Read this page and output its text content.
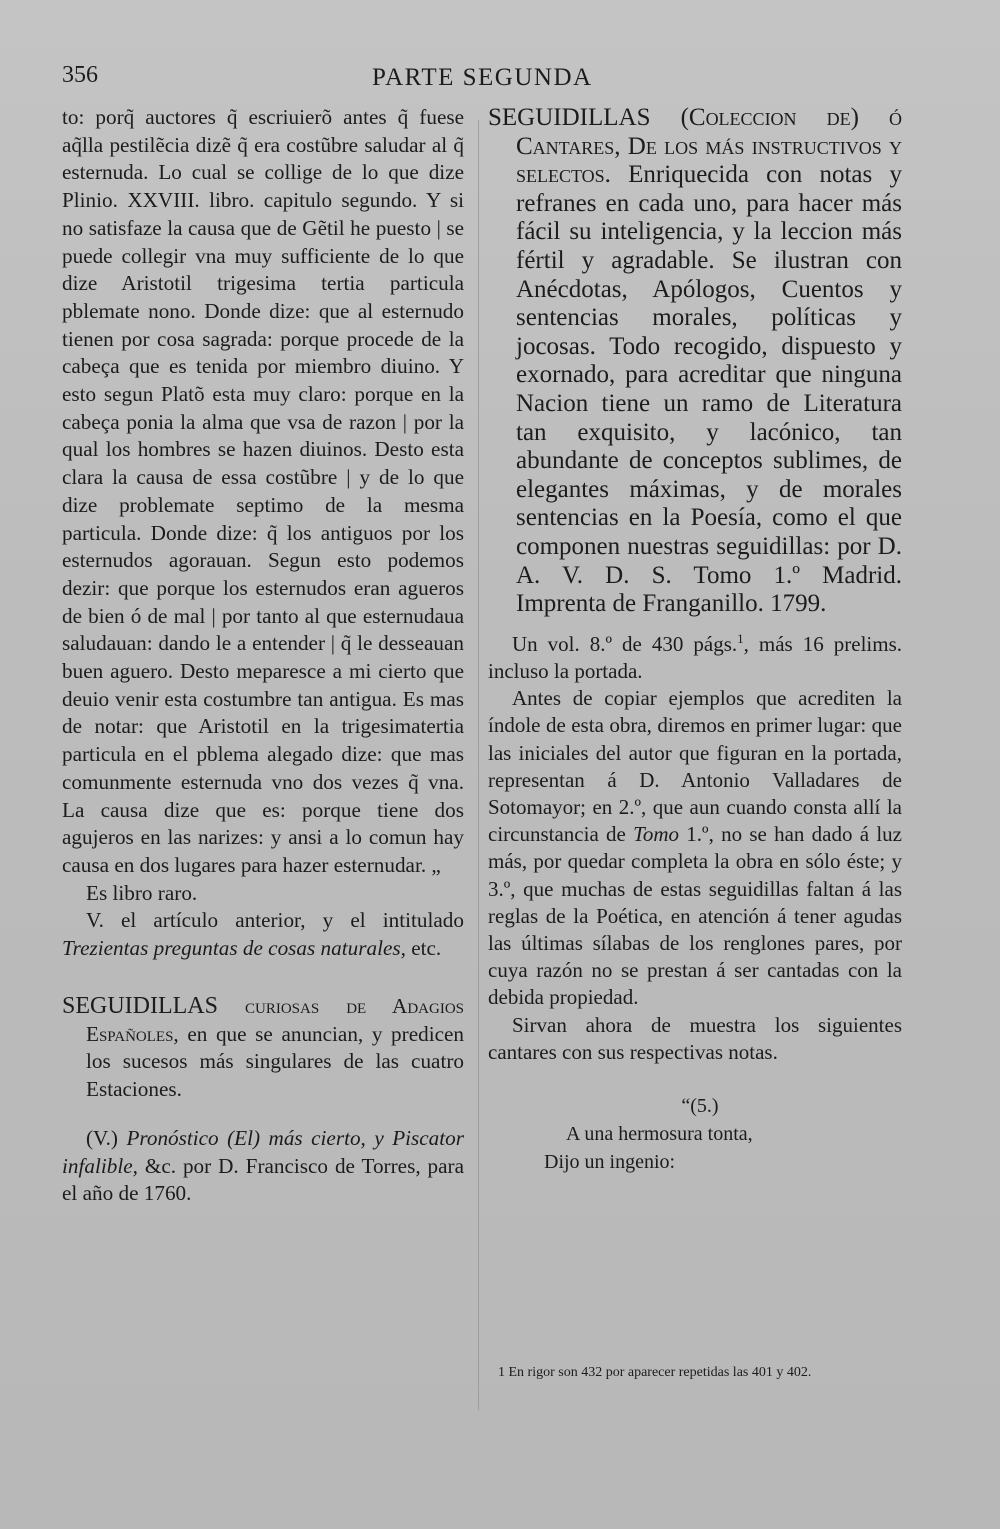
356	PARTE SEGUNDA

to: porq̃ auctores q̃ escriuierõ antes q̃ fuese aq̃lla pestilẽcia dizẽ q̃ era costũbre saludar al q̃ esternuda. Lo cual se collige de lo que dize Plinio. XXVIII. libro. capitulo segundo. Y si no satisfaze la causa que de Gẽtil he puesto | se puede collegir vna muy sufficiente de lo que dize Aristotil trigesima tertia particula pblemate nono. Donde dize: que al esternudo tienen por cosa sagrada: porque procede de la cabeça que es tenida por miembro diuino. Y esto segun Platõ esta muy claro: porque en la cabeça ponia la alma que vsa de razon | por la qual los hombres se hazen diuinos. Desto esta clara la causa de essa costũbre | y de lo que dize problemate septimo de la mesma particula. Donde dize: q̃ los antiguos por los esternudos agorauan. Segun esto podemos dezir: que porque los esternudos eran agueros de bien ó de mal | por tanto al que esternudaua saludauan: dando le a entender | q̃ le desseauan buen aguero. Desto meparesce a mi cierto que deuio venir esta costumbre tan antigua. Es mas de notar: que Aristotil en la trigesimatertia particula en el pblema alegado dize: que mas comunmente esternuda vno dos vezes q̃ vna. La causa dize que es: porque tiene dos agujeros en las narizes: y ansi a lo comun hay causa en dos lugares para hazer esternudar. „

Es libro raro.

V. el artículo anterior, y el intitulado Trezientas preguntas de cosas naturales, etc.

SEGUIDILLAS curiosas de Adagios Españoles, en que se anuncian, y predicen los sucesos más singulares de las cuatro Estaciones.

(V.) Pronóstico (El) más cierto, y Piscator infalible, &c. por D. Francisco de Torres, para el año de 1760.

SEGUIDILLAS (Coleccion de) ó Cantares, De los más instructivos y selectos. Enriquecida con notas y refranes en cada uno, para hacer más fácil su inteligencia, y la leccion más fértil y agradable. Se ilustran con Anécdotas, Apólogos, Cuentos y sentencias morales, políticas y jocosas. Todo recogido, dispuesto y exornado, para acreditar que ninguna Nacion tiene un ramo de Literatura tan exquisito, y lacónico, tan abundante de conceptos sublimes, de elegantes máximas, y de morales sentencias en la Poesía, como el que componen nuestras seguidillas: por D. A. V. D. S. Tomo 1.º Madrid. Imprenta de Franganillo. 1799.

Un vol. 8.º de 430 págs.$^1$, más 16 prelims. incluso la portada.

Antes de copiar ejemplos que acrediten la índole de esta obra, diremos en primer lugar: que las iniciales del autor que figuran en la portada, representan á D. Antonio Valladares de Sotomayor; en 2.º, que aun cuando consta allí la circunstancia de Tomo 1.º, no se han dado á luz más, por quedar completa la obra en sólo éste; y 3.º, que muchas de estas seguidillas faltan á las reglas de la Poética, en atención á tener agudas las últimas sílabas de los renglones pares, por cuya razón no se prestan á ser cantadas con la debida propiedad.

Sirvan ahora de muestra los siguientes cantares con sus respectivas notas.

“(5.)
A una hermosura tonta,
Dijo un ingenio:
1 En rigor son 432 por aparecer repetidas las 401 y 402.
